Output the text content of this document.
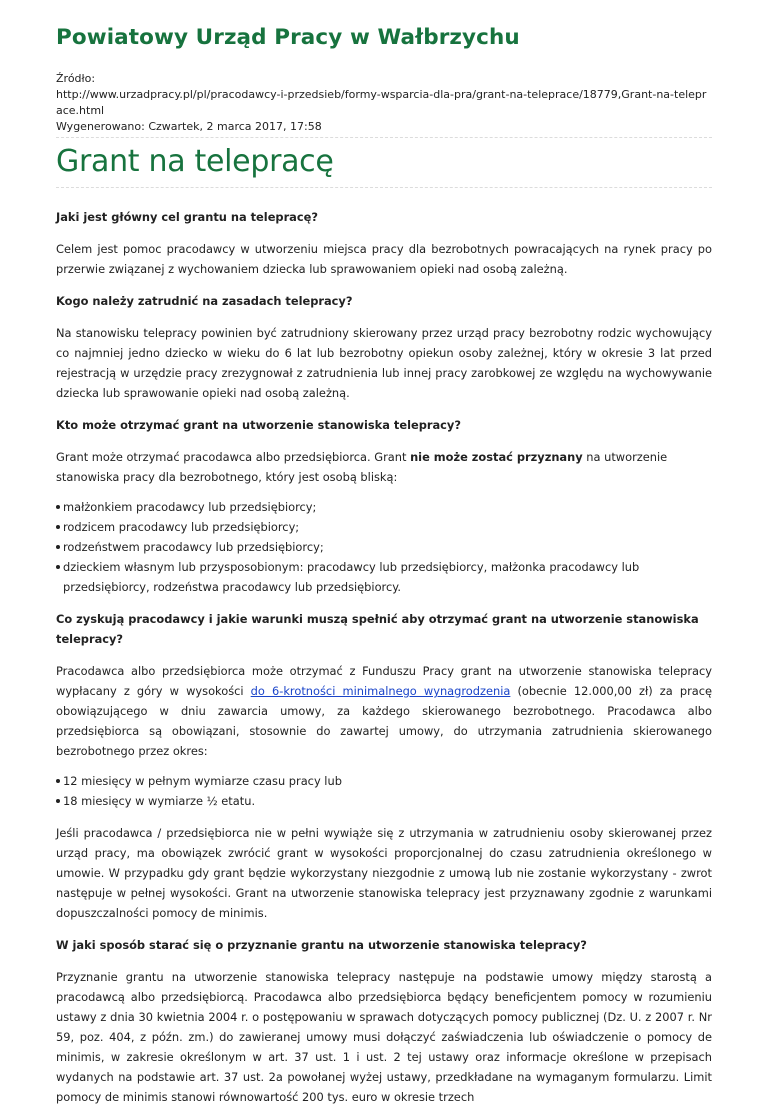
Powiatowy Urząd Pracy w Wałbrzychu
Źródło:
http://www.urzadpracy.pl/pl/pracodawcy-i-przedsieb/formy-wsparcia-dla-pra/grant-na-teleprace/18779,Grant-na-teleprace.html
Wygenerowano: Czwartek, 2 marca 2017, 17:58
Grant na telepracę

Jaki jest główny cel grantu na telepracę?

Celem jest pomoc pracodawcy w utworzeniu miejsca pracy dla bezrobotnych powracających na rynek pracy po przerwie związanej z wychowaniem dziecka lub sprawowaniem opieki nad osobą zależną.

Kogo należy zatrudnić na zasadach telepracy?

Na stanowisku telepracy powinien być zatrudniony skierowany przez urząd pracy bezrobotny rodzic wychowujący co najmniej jedno dziecko w wieku do 6 lat lub bezrobotny opiekun osoby zależnej, który w okresie 3 lat przed rejestracją w urzędzie pracy zrezygnował z zatrudnienia lub innej pracy zarobkowej ze względu na wychowywanie dziecka lub sprawowanie opieki nad osobą zależną.

Kto może otrzymać grant na utworzenie stanowiska telepracy?

Grant może otrzymać pracodawca albo przedsiębiorca. Grant nie może zostać przyznany na utworzenie stanowiska pracy dla bezrobotnego, który jest osobą bliską:

małżonkiem pracodawcy lub przedsiębiorcy;
rodzicem pracodawcy lub przedsiębiorcy;
rodzeństwem pracodawcy lub przedsiębiorcy;
dzieckiem własnym lub przysposobionym: pracodawcy lub przedsiębiorcy, małżonka pracodawcy lub przedsiębiorcy, rodzeństwa pracodawcy lub przedsiębiorcy.

Co zyskują pracodawcy i jakie warunki muszą spełnić aby otrzymać grant na utworzenie stanowiska telepracy?

Pracodawca albo przedsiębiorca może otrzymać z Funduszu Pracy grant na utworzenie stanowiska telepracy wypłacany z góry w wysokości do 6-krotności minimalnego wynagrodzenia (obecnie 12.000,00 zł) za pracę obowiązującego w dniu zawarcia umowy, za każdego skierowanego bezrobotnego. Pracodawca albo przedsiębiorca są obowiązani, stosownie do zawartej umowy, do utrzymania zatrudnienia skierowanego bezrobotnego przez okres:

12 miesięcy w pełnym wymiarze czasu pracy lub
18 miesięcy w wymiarze ½ etatu.

Jeśli pracodawca / przedsiębiorca nie w pełni wywiąże się z utrzymania w zatrudnieniu osoby skierowanej przez urząd pracy, ma obowiązek zwrócić grant w wysokości proporcjonalnej do czasu zatrudnienia określonego w umowie. W przypadku gdy grant będzie wykorzystany niezgodnie z umową lub nie zostanie wykorzystany - zwrot następuje w pełnej wysokości. Grant na utworzenie stanowiska telepracy jest przyznawany zgodnie z warunkami dopuszczalności pomocy de minimis.

W jaki sposób starać się o przyznanie grantu na utworzenie stanowiska telepracy?

Przyznanie grantu na utworzenie stanowiska telepracy następuje na podstawie umowy między starostą a pracodawcą albo przedsiębiorcą. Pracodawca albo przedsiębiorca będący beneficjentem pomocy w rozumieniu ustawy z dnia 30 kwietnia 2004 r. o postępowaniu w sprawach dotyczących pomocy publicznej (Dz. U. z 2007 r. Nr 59, poz. 404, z późn. zm.) do zawieranej umowy musi dołączyć zaświadczenia lub oświadczenie o pomocy de minimis, w zakresie określonym w art. 37 ust. 1 i ust. 2 tej ustawy oraz informacje określone w przepisach wydanych na podstawie art. 37 ust. 2a powołanej wyżej ustawy, przedkładane na wymaganym formularzu. Limit pomocy de minimis stanowi równowartość 200 tys. euro w okresie trzech
